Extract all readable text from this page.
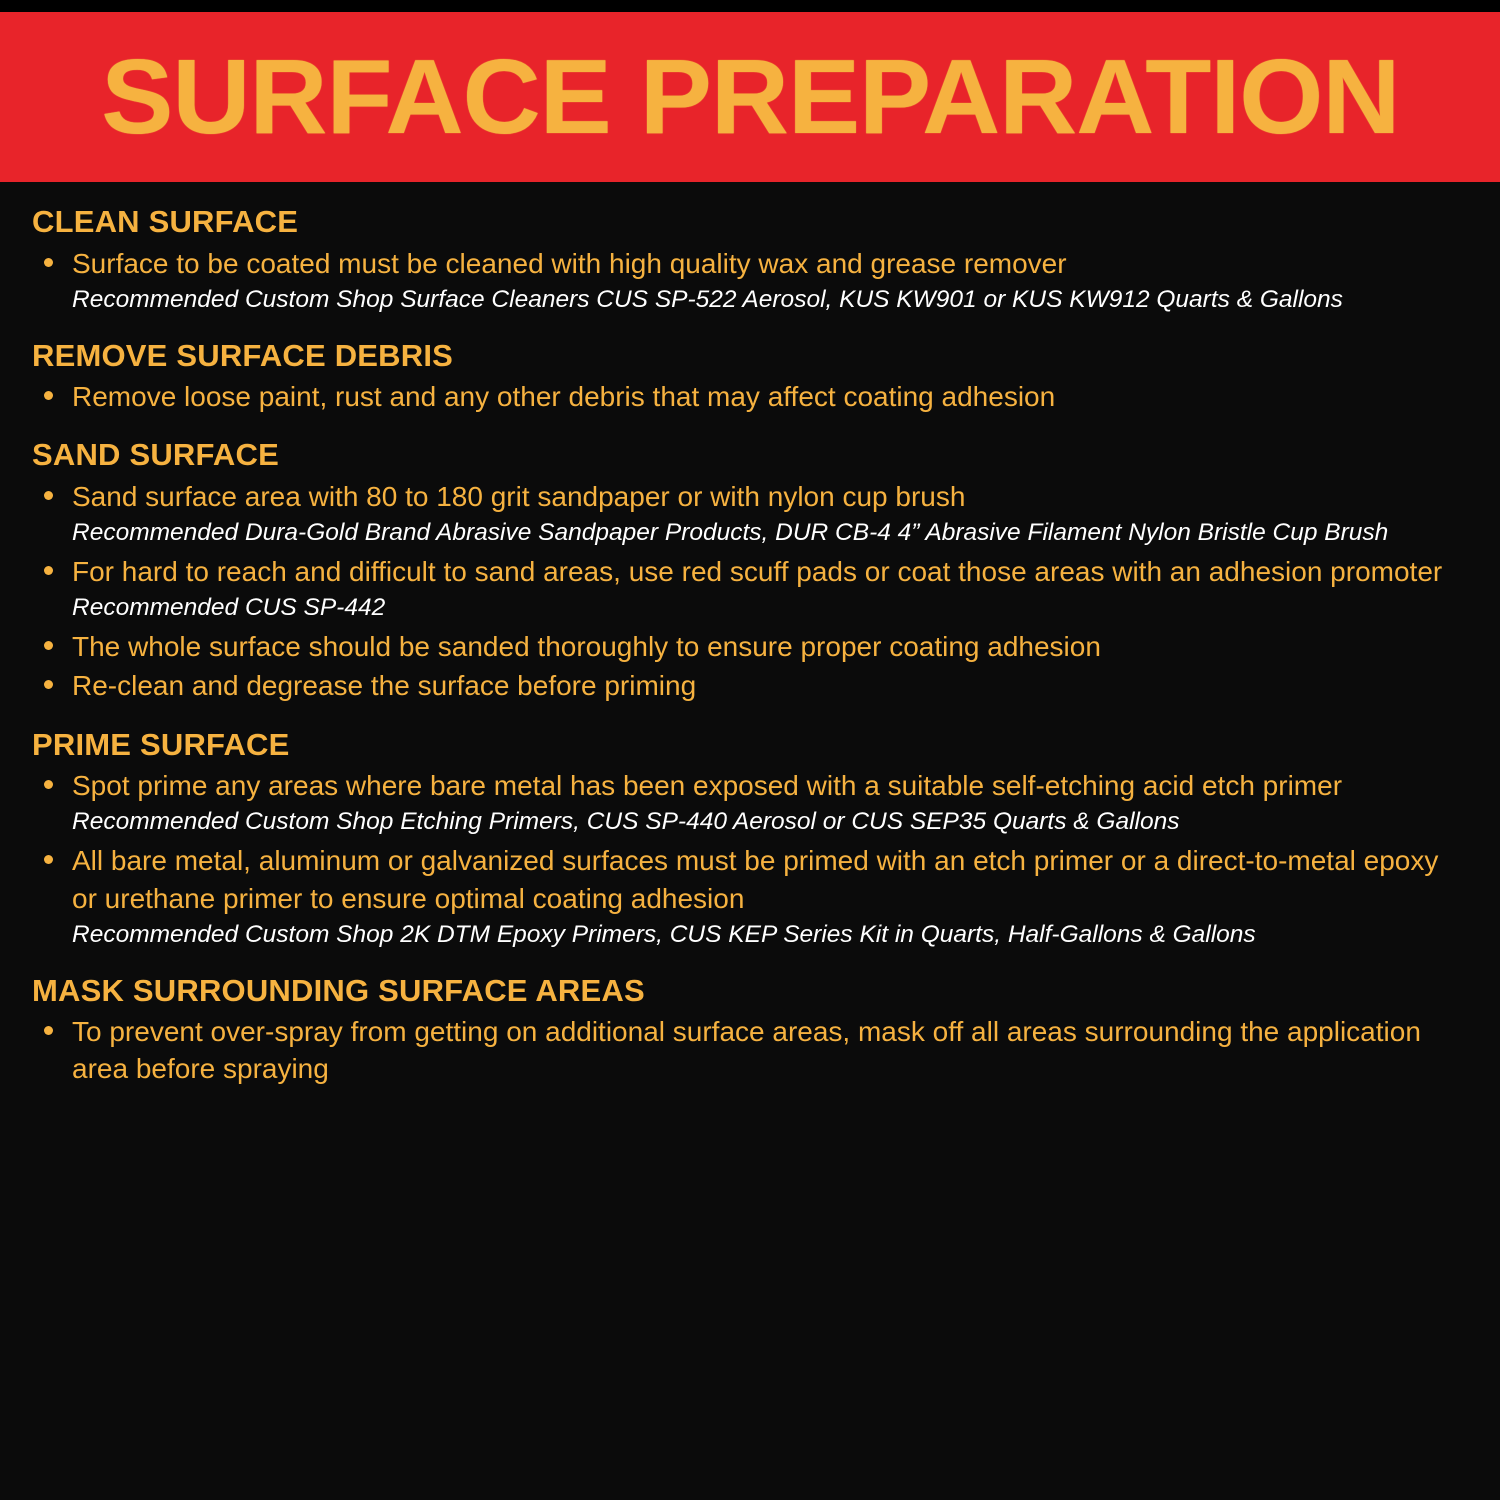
SURFACE PREPARATION
CLEAN SURFACE
Surface to be coated must be cleaned with high quality wax and grease remover
Recommended Custom Shop Surface Cleaners CUS SP-522 Aerosol, KUS KW901 or KUS KW912 Quarts & Gallons
REMOVE SURFACE DEBRIS
Remove loose paint, rust and any other debris that may affect coating adhesion
SAND SURFACE
Sand surface area with 80 to 180 grit sandpaper or with nylon cup brush
Recommended Dura-Gold Brand Abrasive Sandpaper Products, DUR CB-4 4” Abrasive Filament Nylon Bristle Cup Brush
For hard to reach and difficult to sand areas, use red scuff pads or coat those areas with an adhesion promoter
Recommended CUS SP-442
The whole surface should be sanded thoroughly to ensure proper coating adhesion
Re-clean and degrease the surface before priming
PRIME SURFACE
Spot prime any areas where bare metal has been exposed with a suitable self-etching acid etch primer
Recommended Custom Shop Etching Primers, CUS SP-440 Aerosol or CUS SEP35 Quarts & Gallons
All bare metal, aluminum or galvanized surfaces must be primed with an etch primer or a direct-to-metal epoxy or urethane primer to ensure optimal coating adhesion
Recommended Custom Shop 2K DTM Epoxy Primers, CUS KEP Series Kit in Quarts, Half-Gallons & Gallons
MASK SURROUNDING SURFACE AREAS
To prevent over-spray from getting on additional surface areas, mask off all areas surrounding the application area before spraying
